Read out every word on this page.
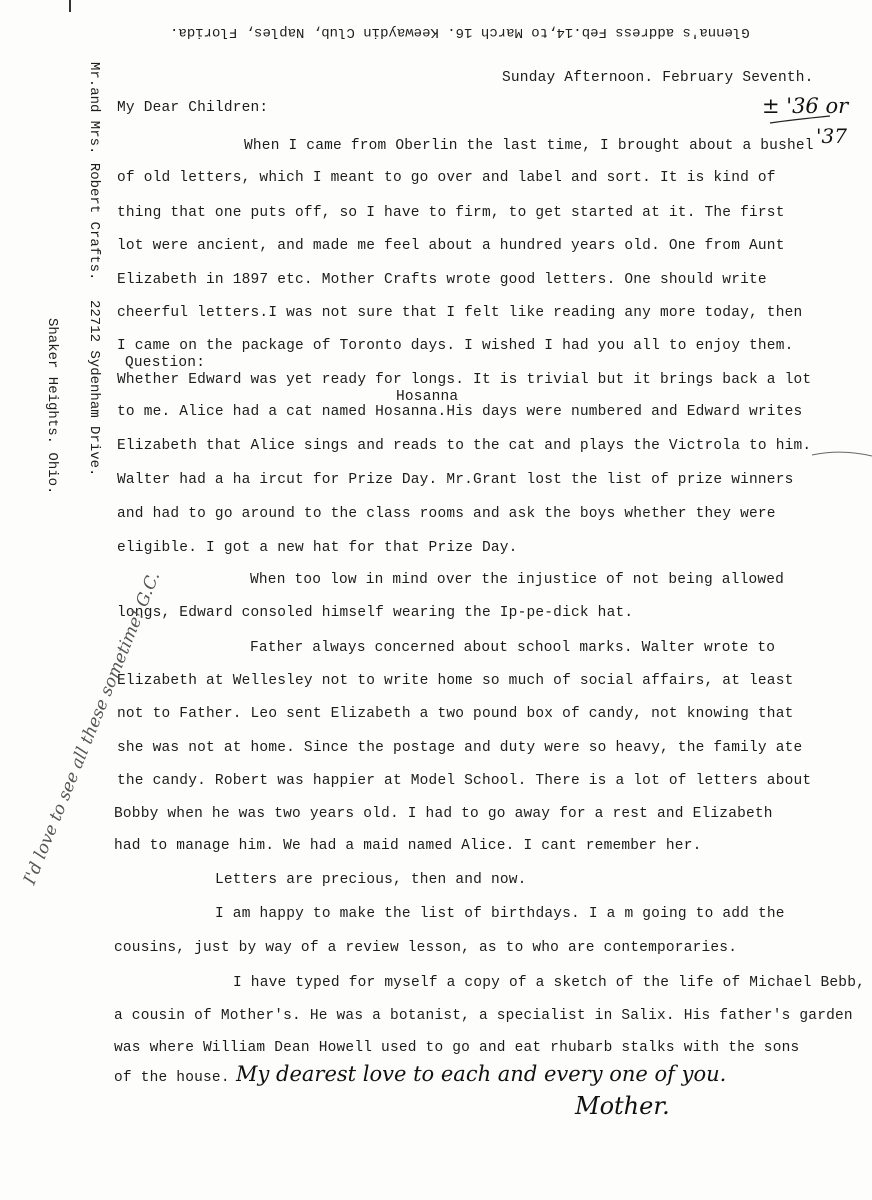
Glenna's address Feb.14,to March 16. Keewaydin Club, Naples, Florida.
Mr.and Mrs. Robert Crafts.
22712 Sydenham Drive.
Shaker Heights. Ohio.
Sunday Afternoon. February Seventh.
± '36 or
'37
My Dear Children:
When I came from Oberlin the last time, I brought about a bushel
of old letters, which I meant to go over and label and sort. It is kind of
thing that one puts off, so I have to firm, to get started at it. The first
lot were ancient, and made me feel about a hundred years old. One from Aunt
Elizabeth in 1897 etc. Mother Crafts wrote good letters. One should write
cheerful letters.I was not sure that I felt like reading any more today, then
I came on the package of Toronto days. I wished I had you all to enjoy them.
Question:
Whether Edward was yet ready for longs. It is trivial but it brings back a lot
Hosanna
to me. Alice had a cat named Hosanna.His days were numbered and Edward writes
Elizabeth that Alice sings and reads to the cat and plays the Victrola to him.
Walter had a ha ircut for Prize Day. Mr.Grant lost the list of prize winners
and had to go around to the class rooms and ask the boys whether they were
eligible. I got a new hat for that Prize Day.
When too low in mind over the injustice of not being allowed
longs, Edward consoled himself wearing the Ip-pe-dick hat.
Father always concerned about school marks. Walter wrote to
Elizabeth at Wellesley not to write home so much of social affairs, at least
not to Father. Leo sent Elizabeth a two pound box of candy, not knowing that
she was not at home. Since the postage and duty were so heavy, the family ate
the candy. Robert was happier at Model School. There is a lot of letters about
Bobby when he was two years old. I had to go away for a rest and Elizabeth
had to manage him. We had a maid named Alice. I cant remember her.
Letters are precious, then and now.
I am happy to make the list of birthdays. I a m going to add the
cousins, just by way of a review lesson, as to who are contemporaries.
I have typed for myself a copy of a sketch of the life of Michael Bebb,
a cousin of Mother's. He was a botanist, a specialist in Salix. His father's garden
was where William Dean Howell used to go and eat rhubarb stalks with the sons
of the house. My dearest love to each and every one of you.
Mother.
I'd love to see all these sometime! G.C.
